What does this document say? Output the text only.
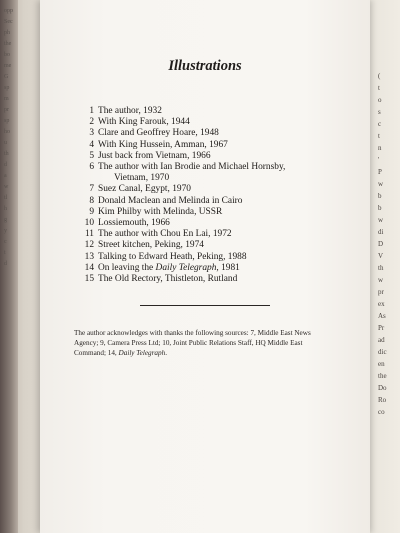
opp
Sec
ph
the
bo
me
G
sp
m
pr
sp
ho
u
th
d
a
w
tl
h
g
y
c
t
d
(
t
o
s
c
t
n
'
P
w
b
b
w
di
D
V
th
w
pr
ex
As
Pr
ad
dic
en
the
Do
Ro
co
Illustrations
1 The author, 1932
2 With King Farouk, 1944
3 Clare and Geoffrey Hoare, 1948
4 With King Hussein, Amman, 1967
5 Just back from Vietnam, 1966
6 The author with Ian Brodie and Michael Hornsby,
Vietnam, 1970
7 Suez Canal, Egypt, 1970
8 Donald Maclean and Melinda in Cairo
9 Kim Philby with Melinda, USSR
10 Lossiemouth, 1966
11 The author with Chou En Lai, 1972
12 Street kitchen, Peking, 1974
13 Talking to Edward Heath, Peking, 1988
14 On leaving the Daily Telegraph, 1981
15 The Old Rectory, Thistleton, Rutland

The author acknowledges with thanks the following sources: 7, Middle East News Agency; 9, Camera Press Ltd; 10, Joint Public Relations Staff, HQ Middle East Command; 14, Daily Telegraph.
